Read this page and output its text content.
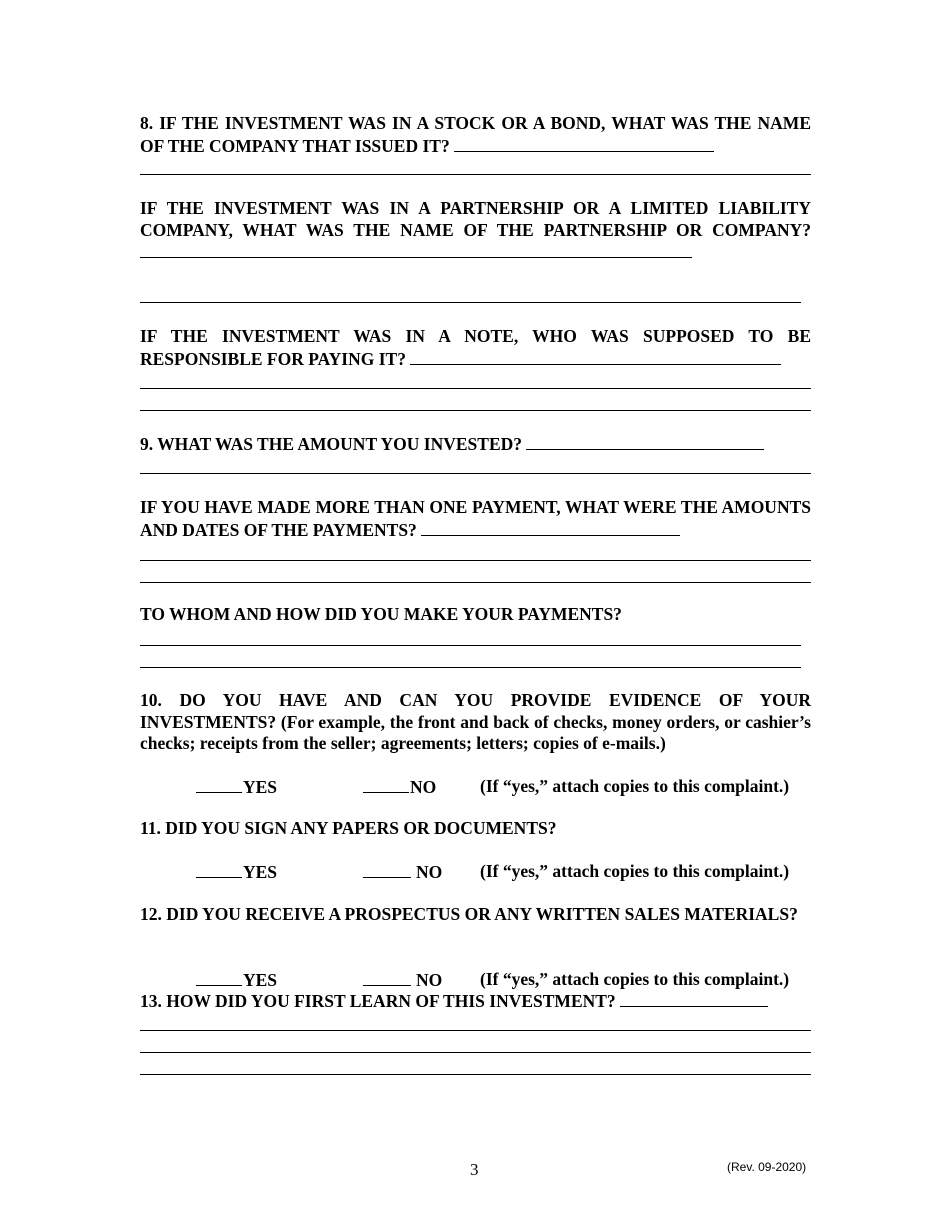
8. IF THE INVESTMENT WAS IN A STOCK OR A BOND, WHAT WAS THE NAME OF THE COMPANY THAT ISSUED IT?

IF THE INVESTMENT WAS IN A PARTNERSHIP OR A LIMITED LIABILITY COMPANY, WHAT WAS THE NAME OF THE PARTNERSHIP OR COMPANY?

IF THE INVESTMENT WAS IN A NOTE, WHO WAS SUPPOSED TO BE RESPONSIBLE FOR PAYING IT?

9. WHAT WAS THE AMOUNT YOU INVESTED?

IF YOU HAVE MADE MORE THAN ONE PAYMENT, WHAT WERE THE AMOUNTS AND DATES OF THE PAYMENTS?

TO WHOM AND HOW DID YOU MAKE YOUR PAYMENTS?

10. DO YOU HAVE AND CAN YOU PROVIDE EVIDENCE OF YOUR INVESTMENTS? (For example, the front and back of checks, money orders, or cashier’s checks; receipts from the seller; agreements; letters; copies of e-mails.)

YES	NO	(If “yes,” attach copies to this complaint.)

11. DID YOU SIGN ANY PAPERS OR DOCUMENTS?

YES	NO (If “yes,” attach copies to this complaint.)

12. DID YOU RECEIVE A PROSPECTUS OR ANY WRITTEN SALES MATERIALS?

YES	NO (If “yes,” attach copies to this complaint.)

13. HOW DID YOU FIRST LEARN OF THIS INVESTMENT?

3	(Rev. 09-2020)
